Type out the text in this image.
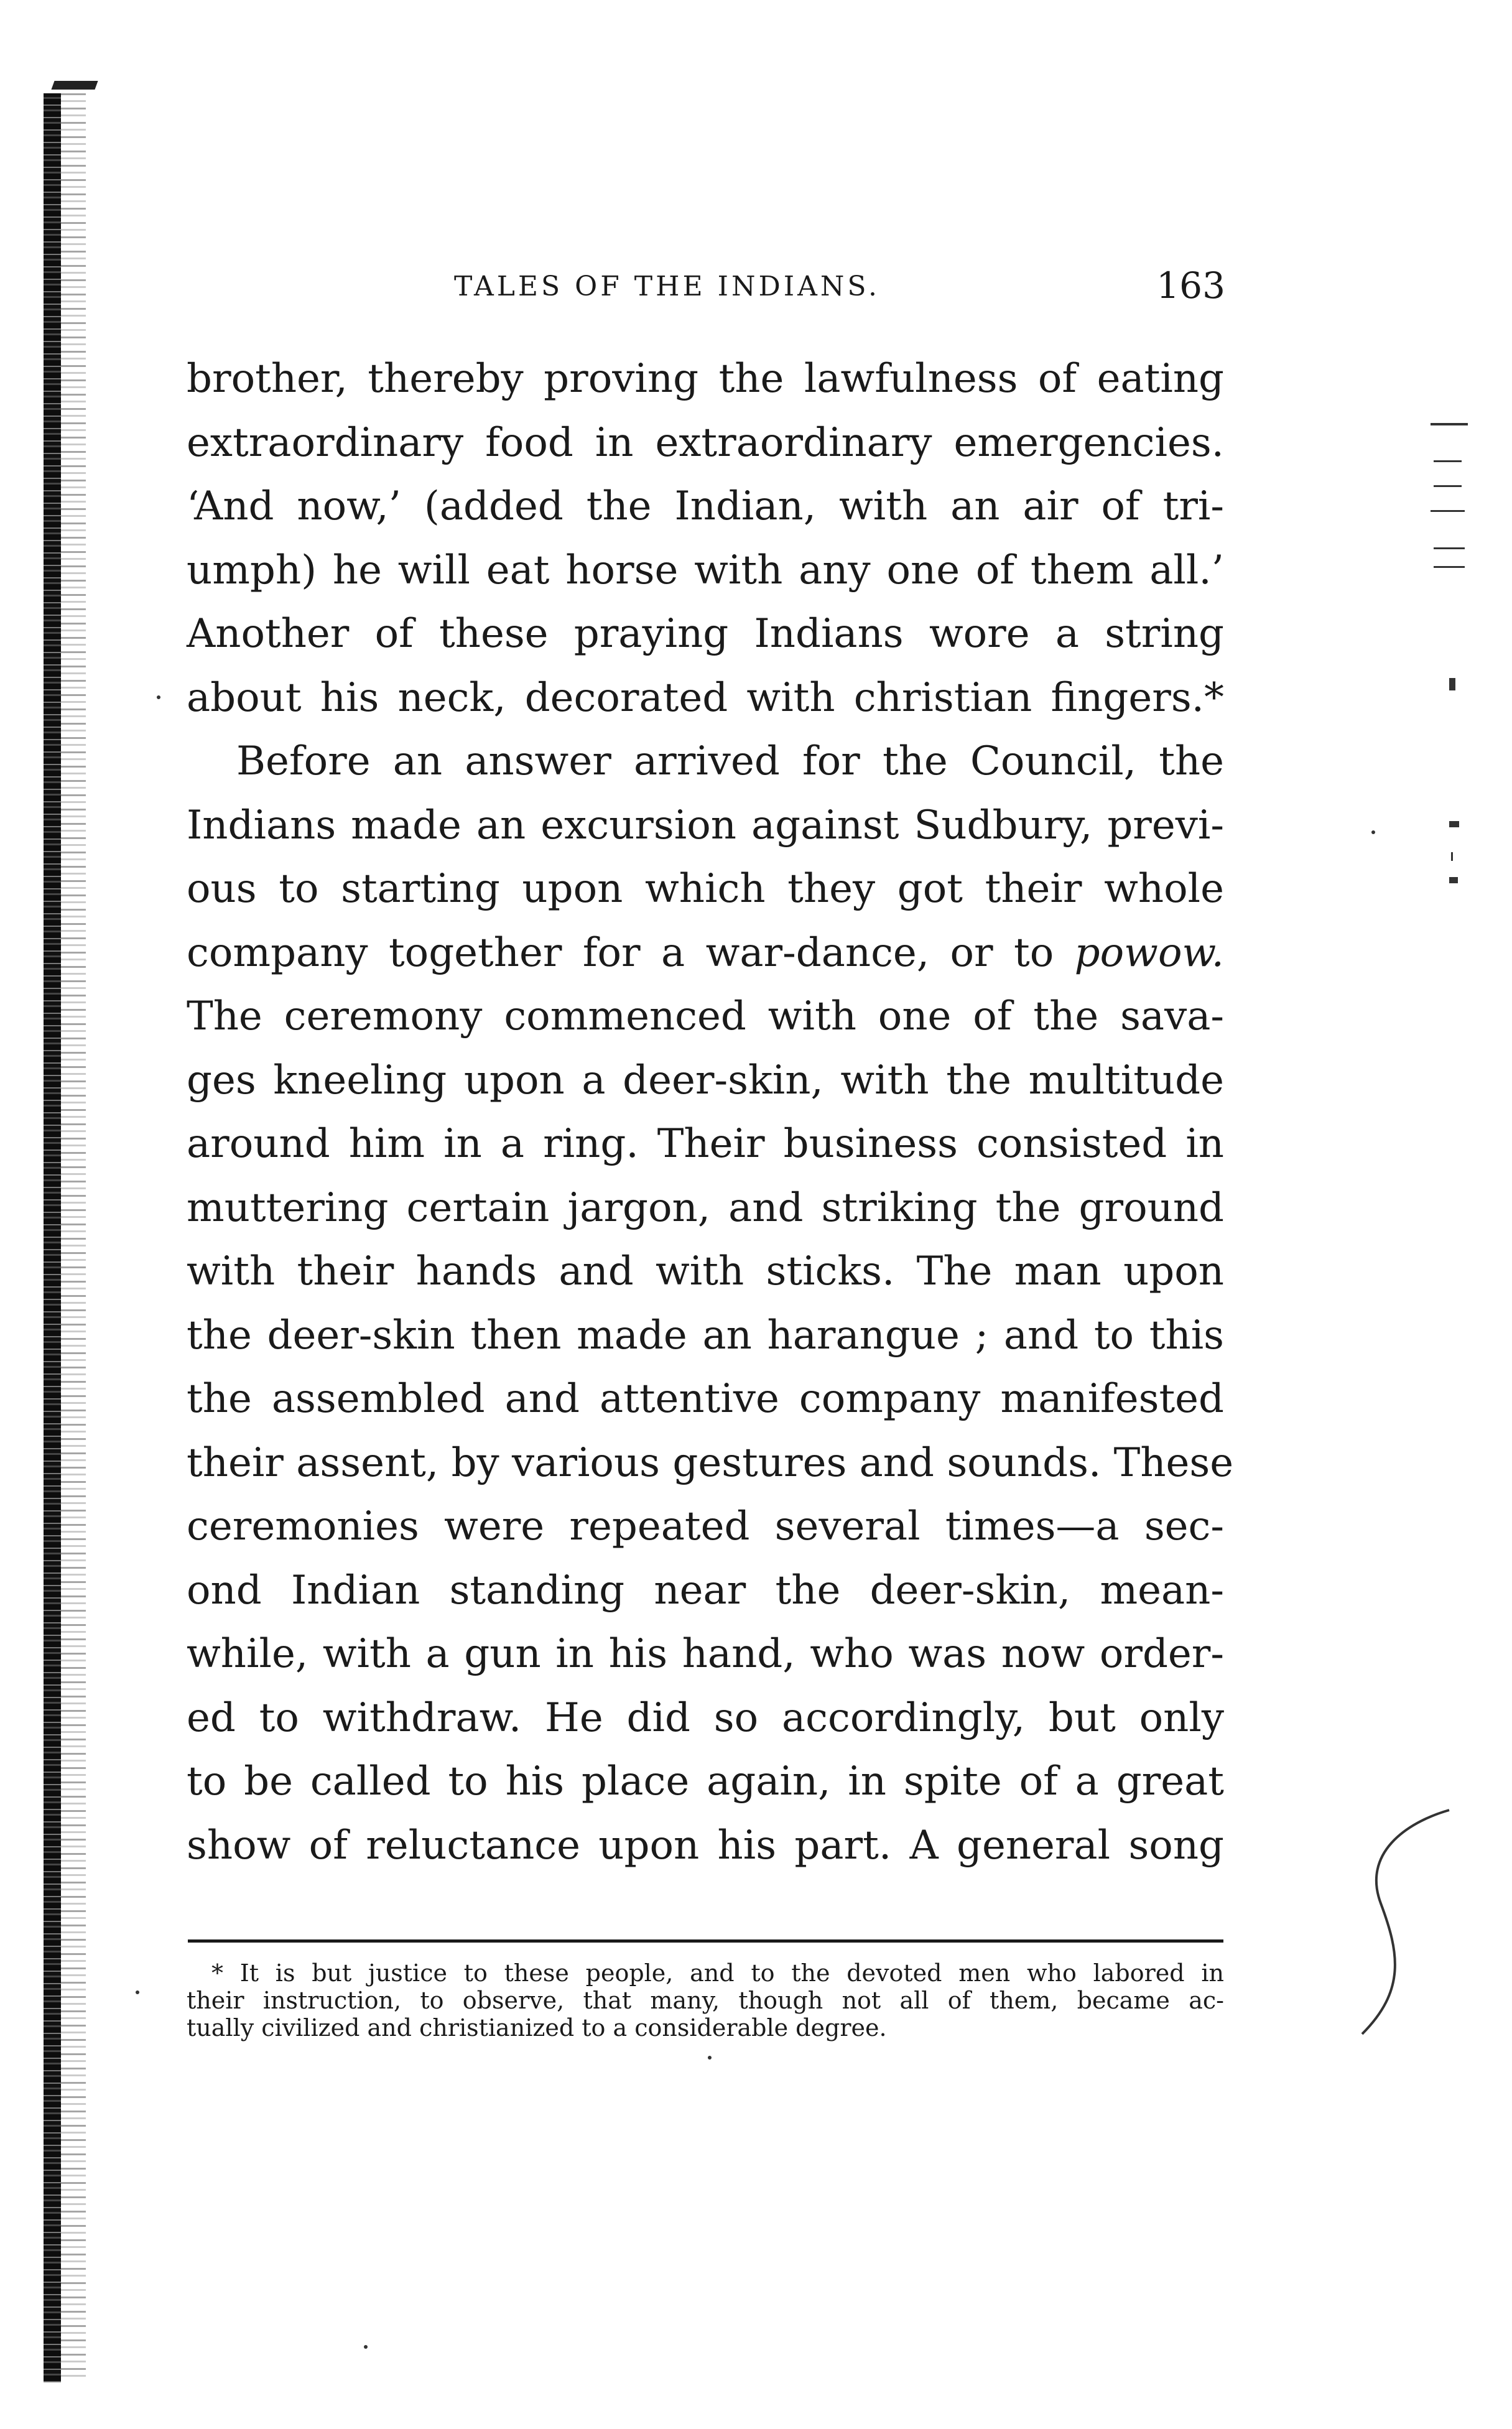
TALES OF THE INDIANS.	163
brother, thereby proving the lawfulness of eating
extraordinary food in extraordinary emergencies.
‘And now,’ (added the Indian, with an air of tri-
umph) he will eat horse with any one of them all.’
Another of these praying Indians wore a string
about his neck, decorated with christian fingers.*
Before an answer arrived for the Council, the
Indians made an excursion against Sudbury, previ-
ous to starting upon which they got their whole
company together for a war-dance, or to powow.
The ceremony commenced with one of the sava-
ges kneeling upon a deer-skin, with the multitude
around him in a ring. Their business consisted in
muttering certain jargon, and striking the ground
with their hands and with sticks. The man upon
the deer-skin then made an harangue ; and to this
the assembled and attentive company manifested
their assent, by various gestures and sounds. These
ceremonies were repeated several times—a sec-
ond Indian standing near the deer-skin, mean-
while, with a gun in his hand, who was now order-
ed to withdraw. He did so accordingly, but only
to be called to his place again, in spite of a great
show of reluctance upon his part. A general song
* It is but justice to these people, and to the devoted men who labored in
their instruction, to observe, that many, though not all of them, became ac-
tually civilized and christianized to a considerable degree.
